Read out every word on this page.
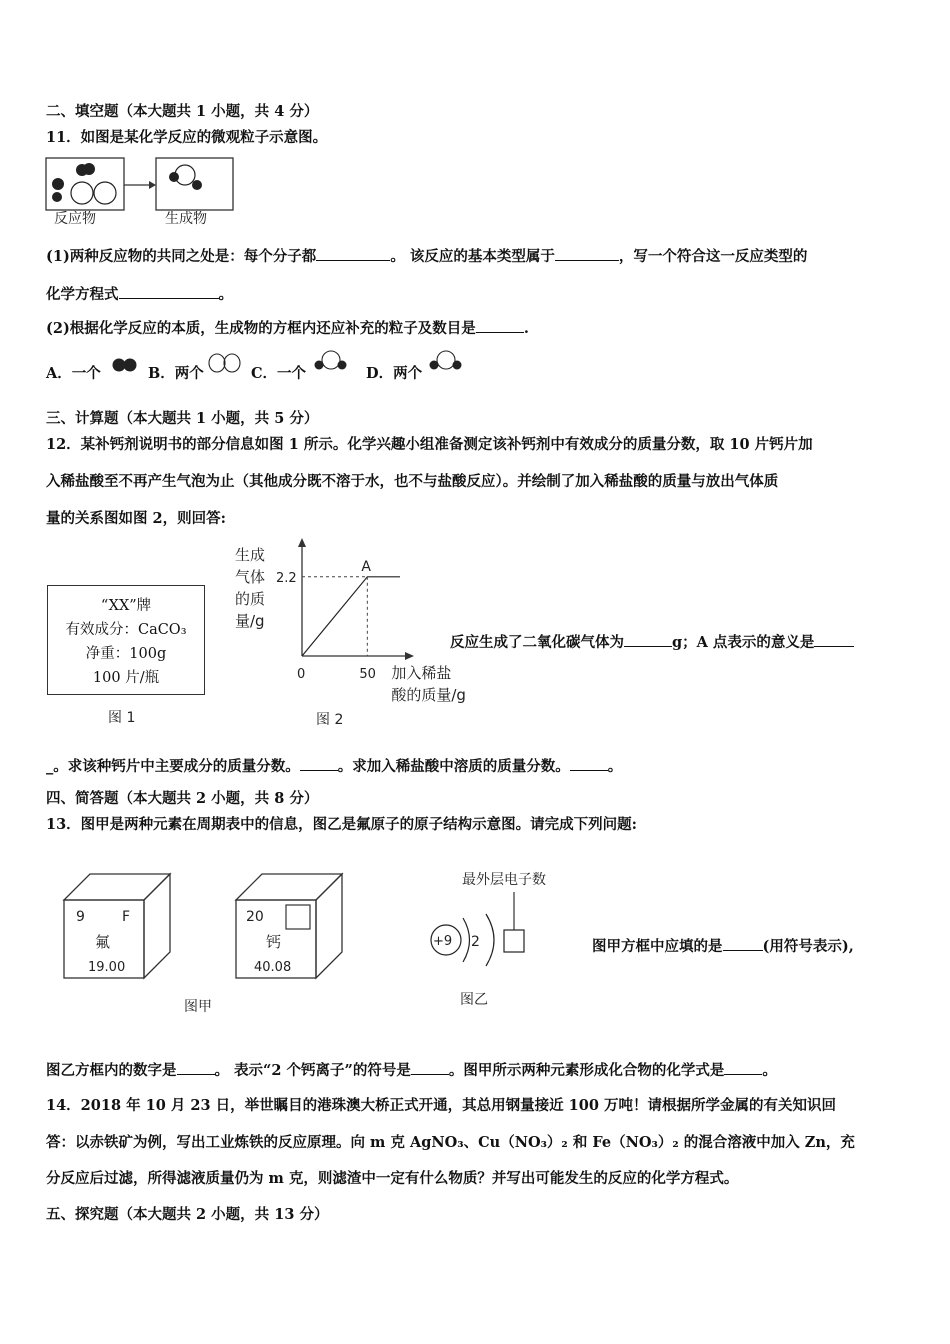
二、填空题（本大题共 1 小题，共 4 分）
11．如图是某化学反应的微观粒子示意图。
反应物	生成物
(1)两种反应物的共同之处是：每个分子都	。 该反应的基本类型属于	，写一个符合这一反应类型的
化学方程式	。
(2)根据化学反应的本质，生成物的方框内还应补充的粒子及数目是	.
A．一个	B．两个	C．一个	D．两个
三、计算题（本大题共 1 小题，共 5 分）
12．某补钙剂说明书的部分信息如图 1 所示。化学兴趣小组准备测定该补钙剂中有效成分的质量分数，取 10 片钙片加
入稀盐酸至不再产生气泡为止（其他成分既不溶于水，也不与盐酸反应）。并绘制了加入稀盐酸的质量与放出气体质
量的关系图如图 2，则回答:
“XX”牌
有效成分：CaCO₃
净重：100g
100 片/瓶
图 1
生成
气体
的质
量/g
A
2.2
0	50 加入稀盐
酸的质量/g
图 2
反应生成了二氧化碳气体为	g；A 点表示的意义是
_。求该种钙片中主要成分的质量分数。	。求加入稀盐酸中溶质的质量分数。	。
四、简答题（本大题共 2 小题，共 8 分）
13．图甲是两种元素在周期表中的信息，图乙是氟原子的原子结构示意图。请完成下列问题:
9	F
氟
19.00
20
钙
40.08
图甲
最外层电子数
+9 2
图乙
图甲方框中应填的是	(用符号表示),
图乙方框内的数字是	。 表示“2 个钙离子”的符号是	。图甲所示两种元素形成化合物的化学式是	。
14．2018 年 10 月 23 日，举世瞩目的港珠澳大桥正式开通，其总用钢量接近 100 万吨！请根据所学金属的有关知识回
答：以赤铁矿为例，写出工业炼铁的反应原理。向 m 克 AgNO₃、Cu（NO₃）₂ 和 Fe（NO₃）₂ 的混合溶液中加入 Zn，充
分反应后过滤，所得滤液质量仍为 m 克，则滤渣中一定有什么物质？并写出可能发生的反应的化学方程式。
五、探究题（本大题共 2 小题，共 13 分）
